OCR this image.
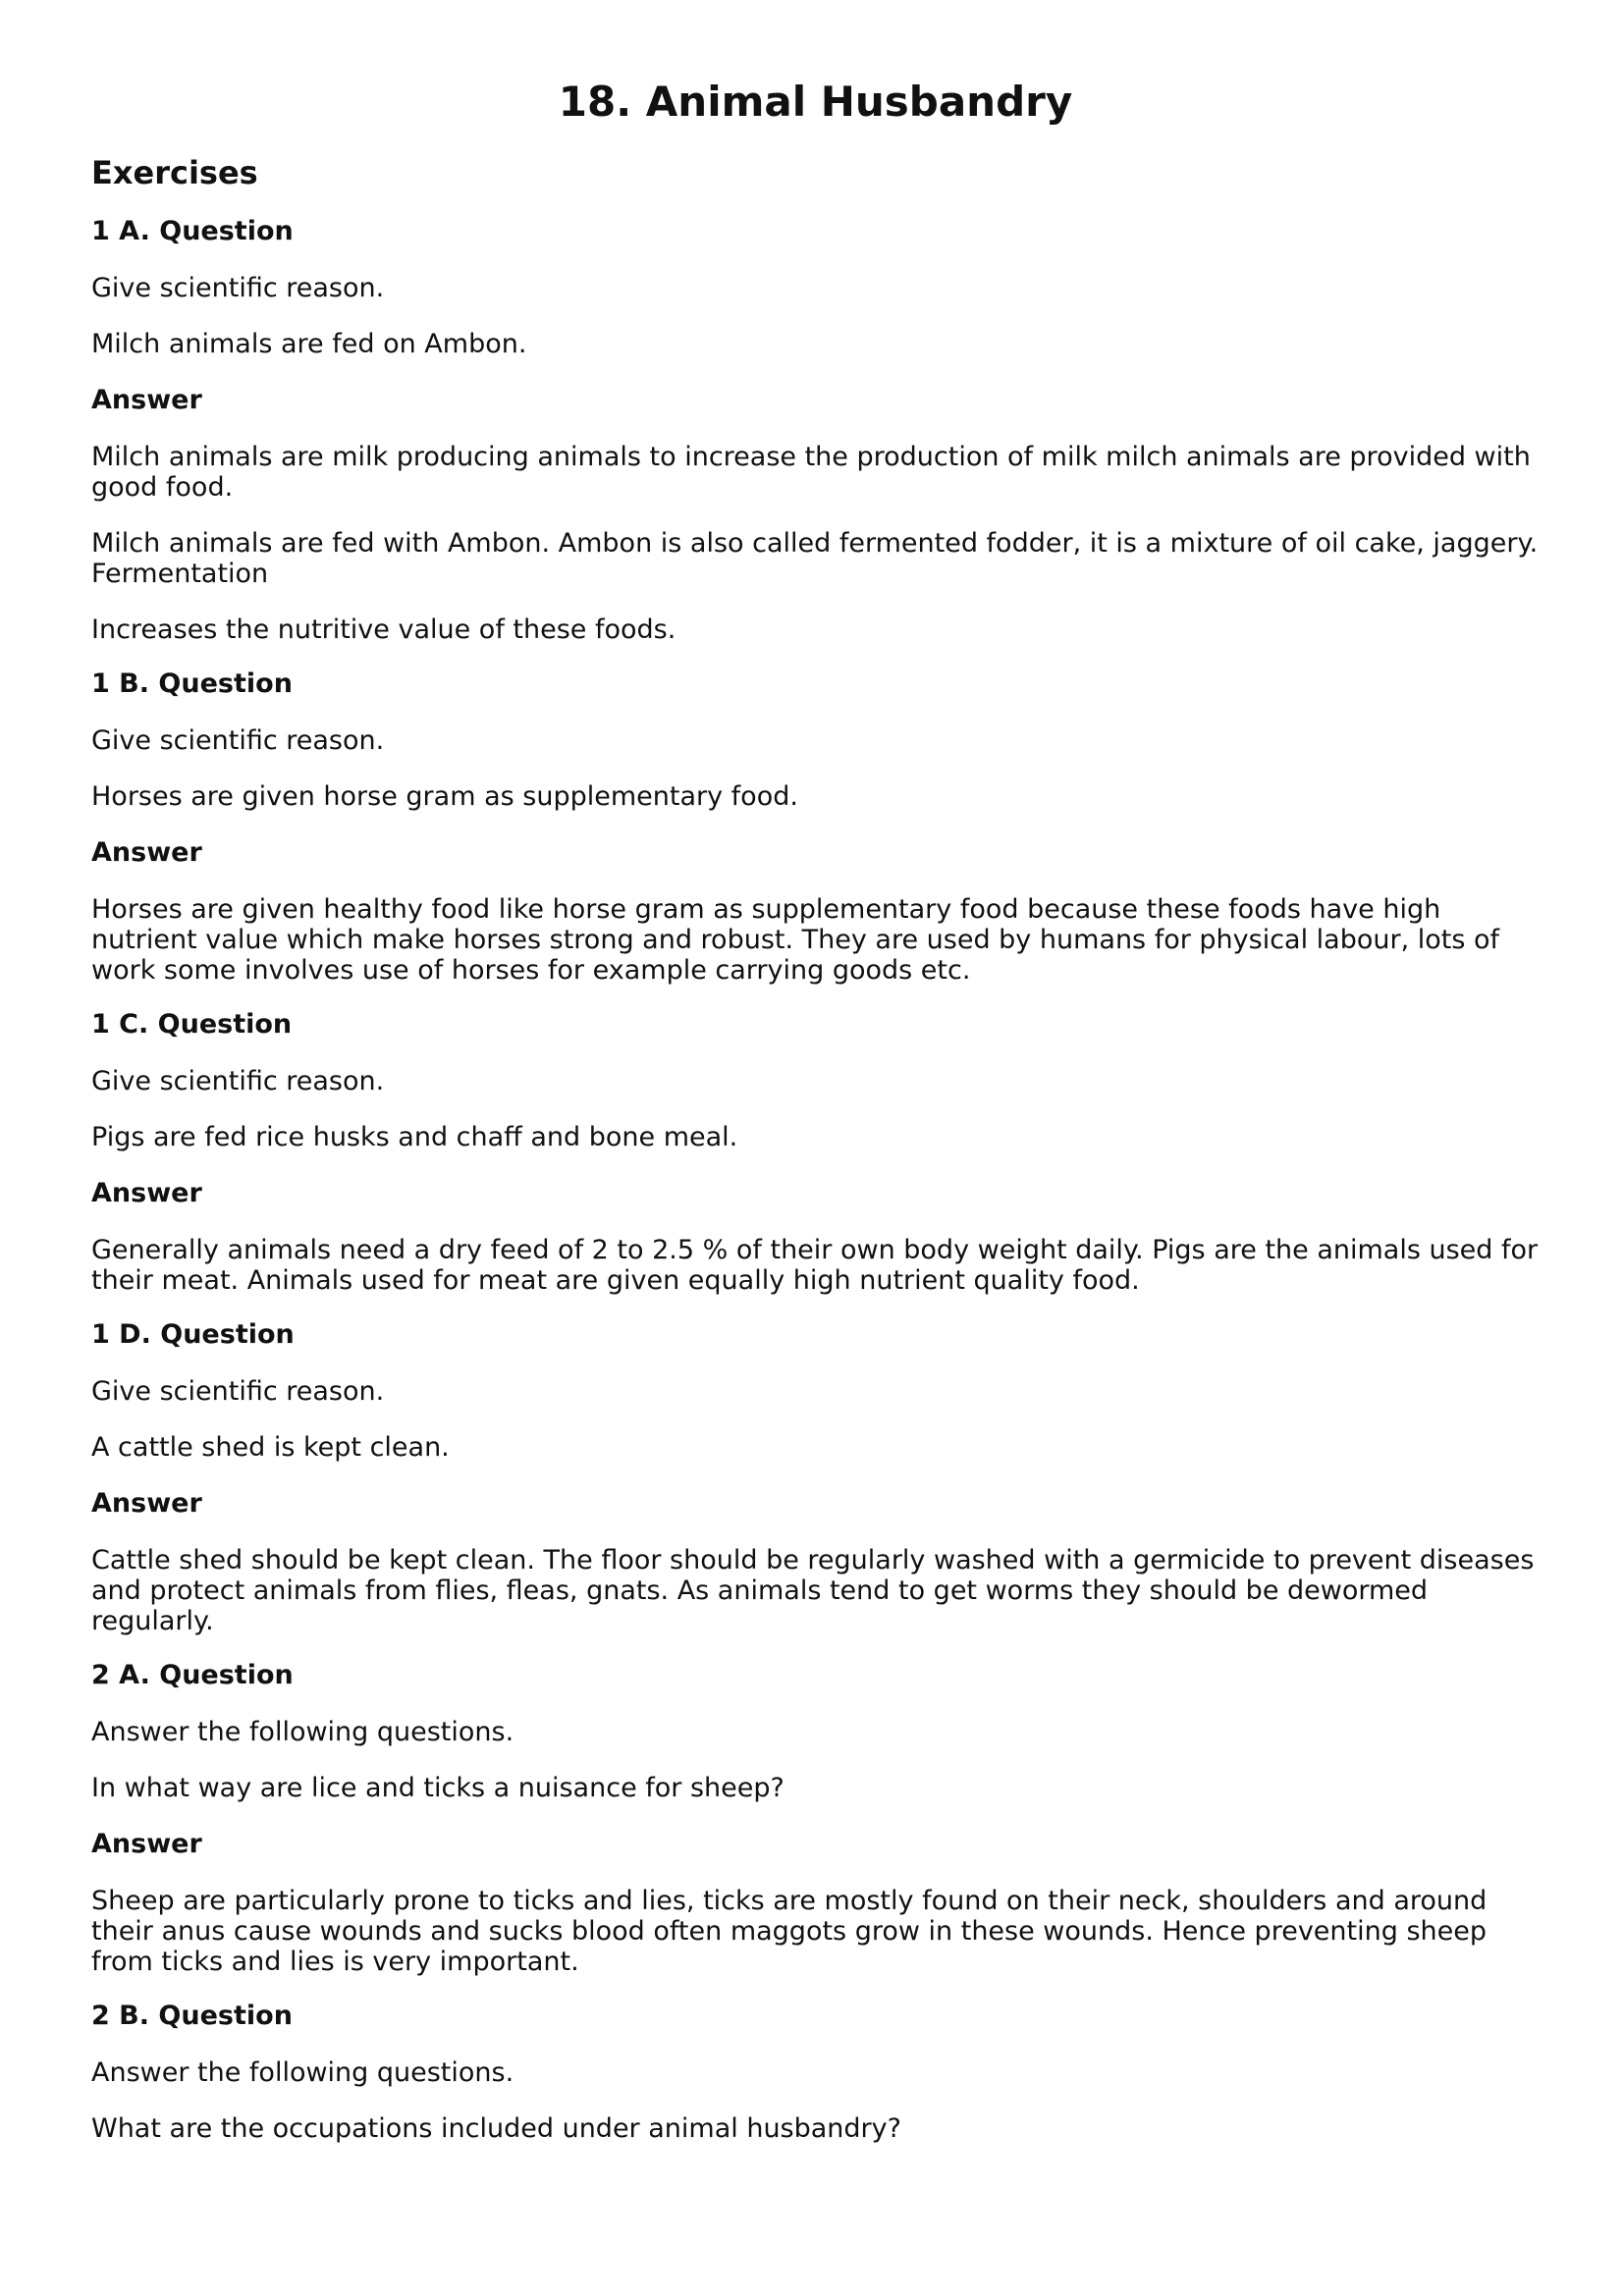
18. Animal Husbandry
Exercises
1 A. Question

Give scientific reason.

Milch animals are fed on Ambon.

Answer

Milch animals are milk producing animals to increase the production of milk milch animals are provided with good food.

Milch animals are fed with Ambon. Ambon is also called fermented fodder, it is a mixture of oil cake, jaggery. Fermentation

Increases the nutritive value of these foods.

1 B. Question

Give scientific reason.

Horses are given horse gram as supplementary food.

Answer

Horses are given healthy food like horse gram as supplementary food because these foods have high nutrient value which make horses strong and robust. They are used by humans for physical labour, lots of work some involves use of horses for example carrying goods etc.

1 C. Question

Give scientific reason.

Pigs are fed rice husks and chaff and bone meal.

Answer

Generally animals need a dry feed of 2 to 2.5 % of their own body weight daily. Pigs are the animals used for their meat. Animals used for meat are given equally high nutrient quality food.

1 D. Question

Give scientific reason.

A cattle shed is kept clean.

Answer

Cattle shed should be kept clean. The floor should be regularly washed with a germicide to prevent diseases and protect animals from flies, fleas, gnats. As animals tend to get worms they should be dewormed regularly.

2 A. Question

Answer the following questions.

In what way are lice and ticks a nuisance for sheep?

Answer

Sheep are particularly prone to ticks and lies, ticks are mostly found on their neck, shoulders and around their anus cause wounds and sucks blood often maggots grow in these wounds. Hence preventing sheep from ticks and lies is very important.

2 B. Question

Answer the following questions.

What are the occupations included under animal husbandry?
